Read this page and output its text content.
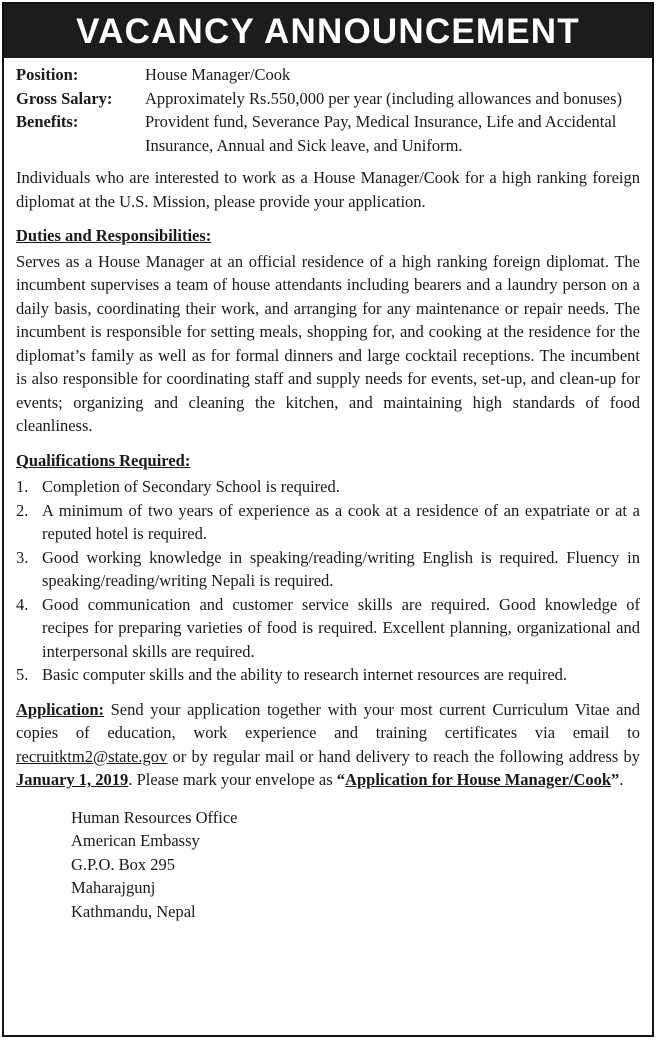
VACANCY ANNOUNCEMENT
Position:	House Manager/Cook
Gross Salary:	Approximately Rs.550,000 per year (including allowances and bonuses)
Benefits:	Provident fund, Severance Pay, Medical Insurance, Life and Accidental Insurance, Annual and Sick leave, and Uniform.

Individuals who are interested to work as a House Manager/Cook for a high ranking foreign diplomat at the U.S. Mission, please provide your application.

Duties and Responsibilities:

Serves as a House Manager at an official residence of a high ranking foreign diplomat. The incumbent supervises a team of house attendants including bearers and a laundry person on a daily basis, coordinating their work, and arranging for any maintenance or repair needs. The incumbent is responsible for setting meals, shopping for, and cooking at the residence for the diplomat’s family as well as for formal dinners and large cocktail receptions. The incumbent is also responsible for coordinating staff and supply needs for events, set-up, and clean-up for events; organizing and cleaning the kitchen, and maintaining high standards of food cleanliness.

Qualifications Required:
1. Completion of Secondary School is required.
2. A minimum of two years of experience as a cook at a residence of an expatriate or at a reputed hotel is required.
3. Good working knowledge in speaking/reading/writing English is required. Fluency in speaking/reading/writing Nepali is required.
4. Good communication and customer service skills are required. Good knowledge of recipes for preparing varieties of food is required. Excellent planning, organizational and interpersonal skills are required.
5. Basic computer skills and the ability to research internet resources are required.

Application: Send your application together with your most current Curriculum Vitae and copies of education, work experience and training certificates via email to recruitktm2@state.gov or by regular mail or hand delivery to reach the following address by January 1, 2019. Please mark your envelope as “Application for House Manager/Cook”.

Human Resources Office
American Embassy
G.P.O. Box 295
Maharajgunj
Kathmandu, Nepal
